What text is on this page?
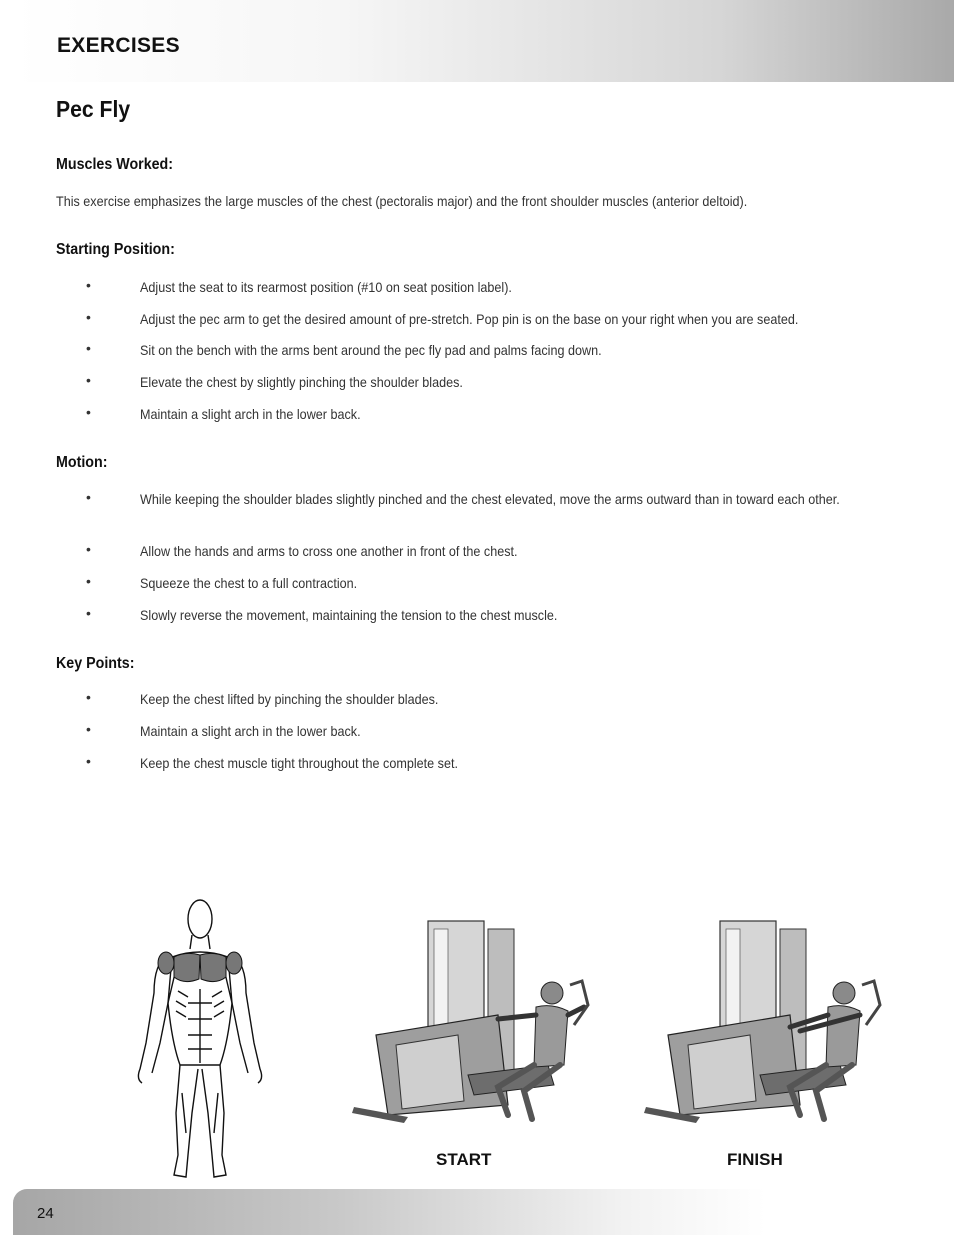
EXERCISES
Pec Fly
Muscles Worked:
This exercise emphasizes the large muscles of the chest (pectoralis major) and the front shoulder muscles (anterior deltoid).
Starting Position:
•	Adjust the seat to its rearmost position (#10 on seat position label).
•	Adjust the pec arm to get the desired amount of pre-stretch. Pop pin is on the base on your right when you are seated.
•	Sit on the bench with the arms bent around the pec fly pad and palms facing down.
•	Elevate the chest by slightly pinching the shoulder blades.
•	Maintain a slight arch in the lower back.
Motion:
•	While keeping the shoulder blades slightly pinched and the chest elevated, move the arms outward than in toward each other.
•	Allow the hands and arms to cross one another in front of the chest.
•	Squeeze the chest to a full contraction.
•	Slowly reverse the movement, maintaining the tension to the chest muscle.
Key Points:
•	Keep the chest lifted by pinching the shoulder blades.
•	Maintain a slight arch in the lower back.
•	Keep the chest muscle tight throughout the complete set.
START	FINISH
24
